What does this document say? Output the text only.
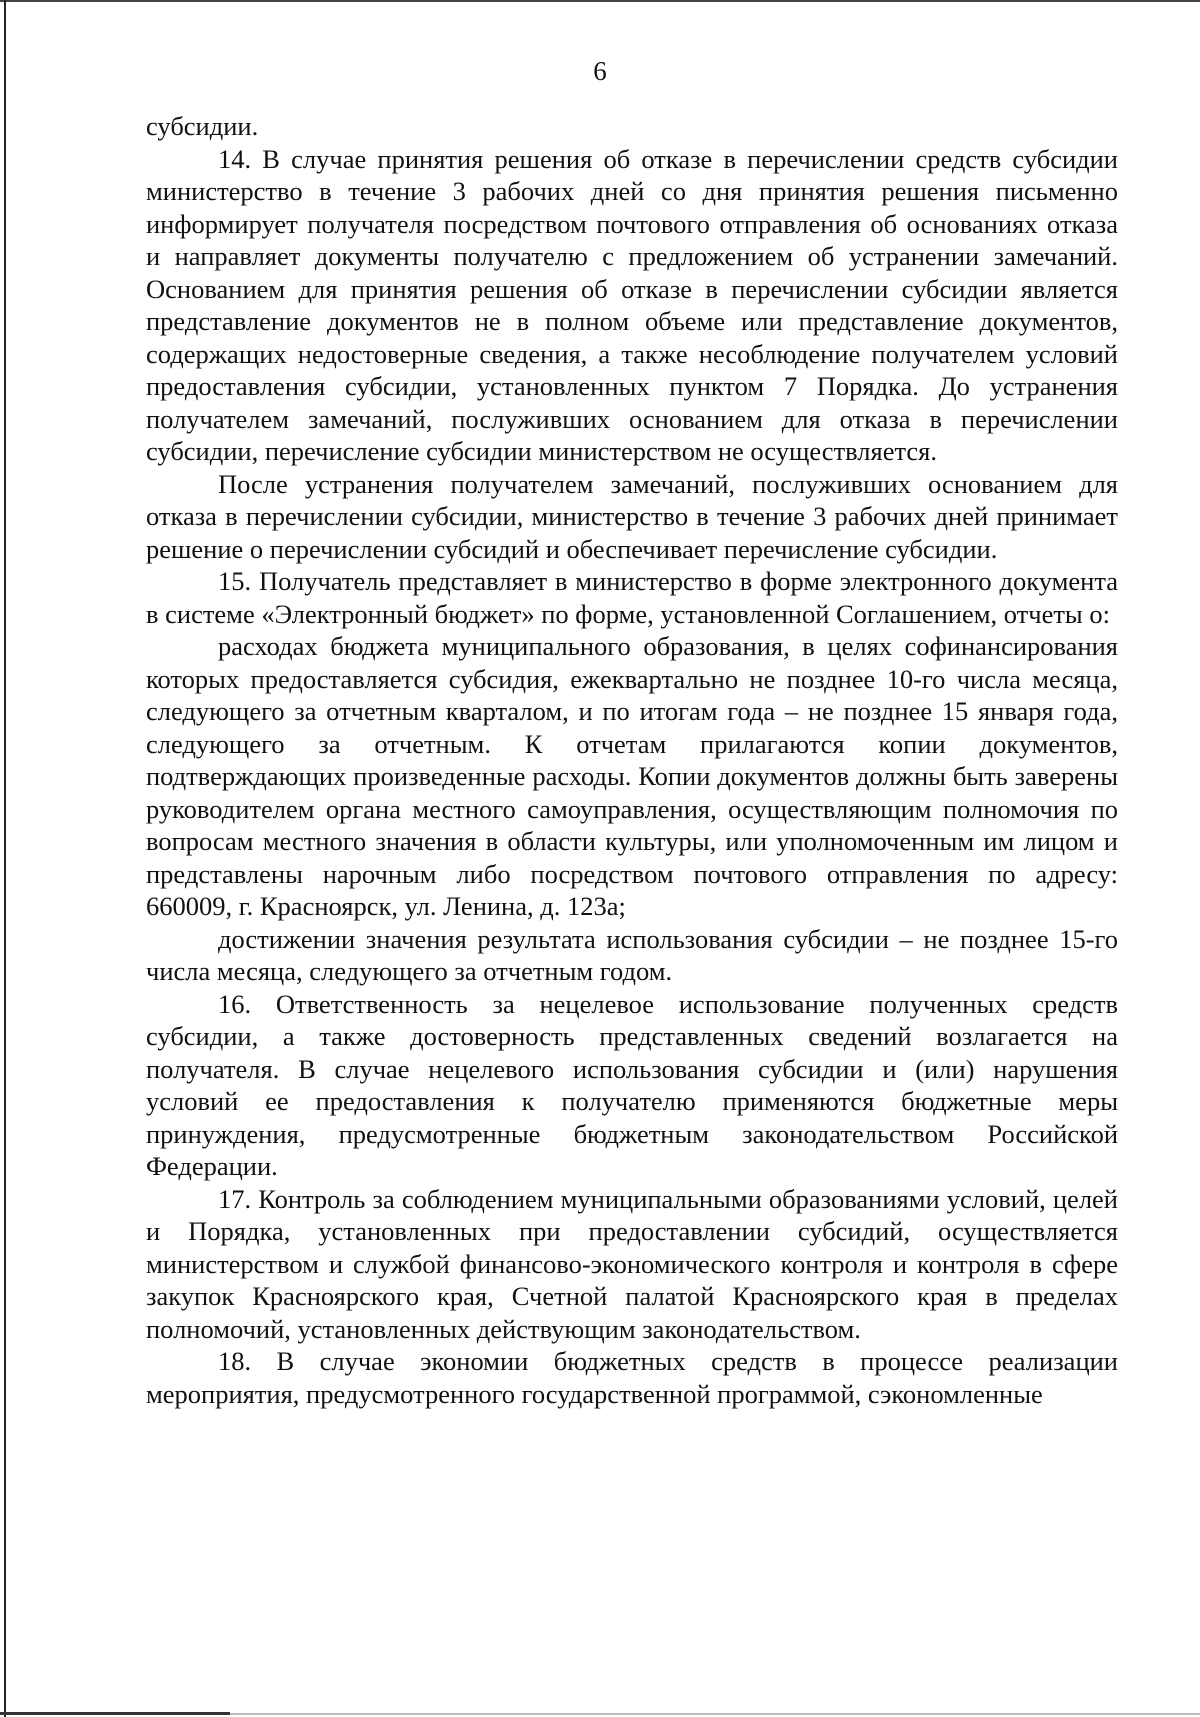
6

субсидии.

14. В случае принятия решения об отказе в перечислении средств субсидии министерство в течение 3 рабочих дней со дня принятия решения письменно информирует получателя посредством почтового отправления об основаниях отказа и направляет документы получателю с предложением об устранении замечаний. Основанием для принятия решения об отказе в перечислении субсидии является представление документов не в полном объеме или представление документов, содержащих недостоверные сведения, а также несоблюдение получателем условий предоставления субсидии, установленных пунктом 7 Порядка. До устранения получателем замечаний, послуживших основанием для отказа в перечислении субсидии, перечисление субсидии министерством не осуществляется.

После устранения получателем замечаний, послуживших основанием для отказа в перечислении субсидии, министерство в течение 3 рабочих дней принимает решение о перечислении субсидий и обеспечивает перечисление субсидии.

15. Получатель представляет в министерство в форме электронного документа в системе «Электронный бюджет» по форме, установленной Соглашением, отчеты о:

расходах бюджета муниципального образования, в целях софинансирования которых предоставляется субсидия, ежеквартально не позднее 10-го числа месяца, следующего за отчетным кварталом, и по итогам года – не позднее 15 января года, следующего за отчетным. К отчетам прилагаются копии документов, подтверждающих произведенные расходы. Копии документов должны быть заверены руководителем органа местного самоуправления, осуществляющим полномочия по вопросам местного значения в области культуры, или уполномоченным им лицом и представлены нарочным либо посредством почтового отправления по адресу: 660009, г. Красноярск, ул. Ленина, д. 123а;

достижении значения результата использования субсидии – не позднее 15-го числа месяца, следующего за отчетным годом.

16. Ответственность за нецелевое использование полученных средств субсидии, а также достоверность представленных сведений возлагается на получателя. В случае нецелевого использования субсидии и (или) нарушения условий ее предоставления к получателю применяются бюджетные меры принуждения, предусмотренные бюджетным законодательством Российской Федерации.

17. Контроль за соблюдением муниципальными образованиями условий, целей и Порядка, установленных при предоставлении субсидий, осуществляется министерством и службой финансово-экономического контроля и контроля в сфере закупок Красноярского края, Счетной палатой Красноярского края в пределах полномочий, установленных действующим законодательством.

18. В случае экономии бюджетных средств в процессе реализации мероприятия, предусмотренного государственной программой, сэкономленные
